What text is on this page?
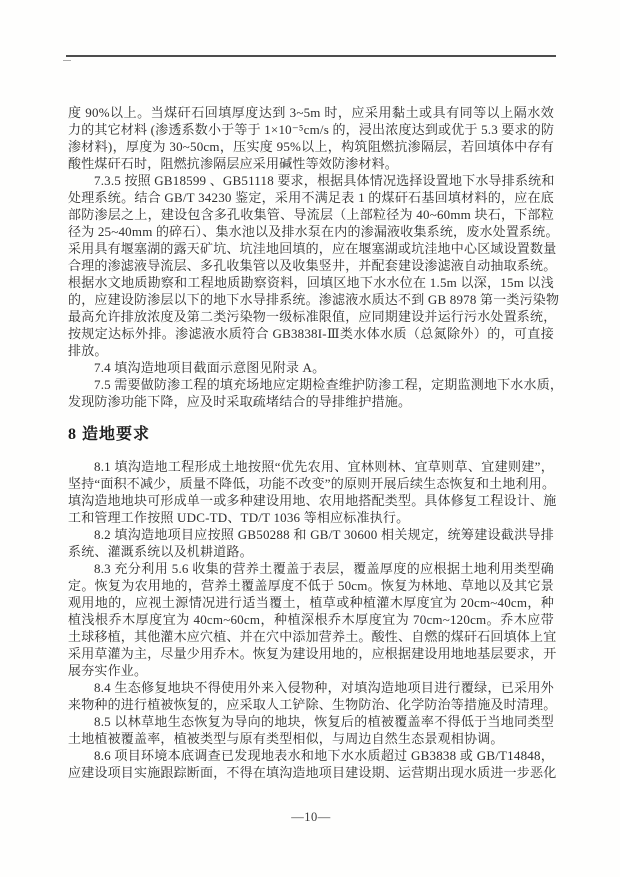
度 90%以上。当煤矸石回填厚度达到 3~5m 时，应采用黏土或具有同等以上隔水效
力的其它材料 (渗透系数小于等于 1×10⁻⁵cm/s 的，浸出浓度达到或优于 5.3 要求的防
渗材料)，厚度为 30~50cm，压实度 95%以上，构筑阻燃抗渗隔层，若回填体中存有
酸性煤矸石时，阻燃抗渗隔层应采用碱性等效防渗材料。
7.3.5 按照 GB18599 、GB51118 要求，根据具体情况选择设置地下水导排系统和
处理系统。结合 GB/T 34230 鉴定，采用不满足表 1 的煤矸石基回填材料的，应在底
部防渗层之上，建设包含多孔收集管、导流层（上部粒径为 40~60mm 块石，下部粒
径为 25~40mm 的碎石）、集水池以及排水泵在内的渗漏液收集系统，废水处置系统。
采用具有堰塞湖的露天矿坑、坑洼地回填的，应在堰塞湖或坑洼地中心区域设置数量
合理的渗滤液导流层、多孔收集管以及收集竖井，并配套建设渗滤液自动抽取系统。
根据水文地质勘察和工程地质勘察资料，回填区地下水水位在 1.5m 以深，15m 以浅
的，应建设防渗层以下的地下水导排系统。渗滤液水质达不到 GB 8978 第一类污染物
最高允许排放浓度及第二类污染物一级标准限值，应同期建设并运行污水处置系统，
按规定达标外排。渗滤液水质符合 GB3838I-Ⅲ类水体水质（总氮除外）的，可直接
排放。
7.4 填沟造地项目截面示意图见附录 A。
7.5 需要做防渗工程的填充场地应定期检查维护防渗工程，定期监测地下水水质，
发现防渗功能下降，应及时采取疏堵结合的导排维护措施。
8 造地要求
8.1 填沟造地工程形成土地按照“优先农用、宜林则林、宜草则草、宜建则建”，
坚持“面积不减少，质量不降低，功能不改变”的原则开展后续生态恢复和土地利用。
填沟造地地块可形成单一或多种建设用地、农用地搭配类型。具体修复工程设计、施
工和管理工作按照 UDC-TD、TD/T 1036 等相应标准执行。
8.2 填沟造地项目应按照 GB50288 和 GB/T 30600 相关规定，统筹建设截洪导排
系统、灌溉系统以及机耕道路。
8.3 充分利用 5.6 收集的营养土覆盖于表层，覆盖厚度的应根据土地利用类型确
定。恢复为农用地的，营养土覆盖厚度不低于 50cm。恢复为林地、草地以及其它景
观用地的，应视土源情况进行适当覆土，植草或种植灌木厚度宜为 20cm~40cm，种
植浅根乔木厚度宜为 40cm~60cm，种植深根乔木厚度宜为 70cm~120cm。乔木应带
土球移植，其他灌木应穴植、并在穴中添加营养土。酸性、自燃的煤矸石回填体上宜
采用草灌为主，尽量少用乔木。恢复为建设用地的，应根据建设用地地基层要求，开
展夯实作业。
8.4 生态修复地块不得使用外来入侵物种，对填沟造地项目进行覆绿，已采用外
来物种的进行植被恢复的，应采取人工铲除、生物防治、化学防治等措施及时清理。
8.5 以林草地生态恢复为导向的地块，恢复后的植被覆盖率不得低于当地同类型
土地植被覆盖率，植被类型与原有类型相似，与周边自然生态景观相协调。
8.6 项目环境本底调查已发现地表水和地下水水质超过 GB3838 或 GB/T14848，
应建设项目实施跟踪断面，不得在填沟造地项目建设期、运营期出现水质进一步恶化
—10—
